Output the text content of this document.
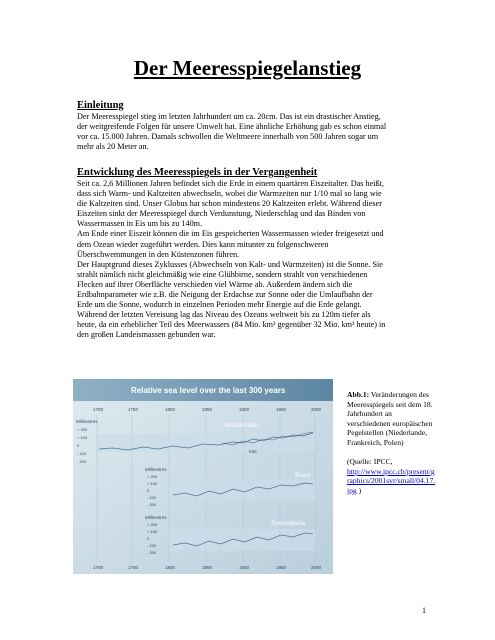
Der Meeresspiegelanstieg
Einleitung
Der Meeresspiegel stieg im letzten Jahrhundert um ca. 20cm. Das ist ein drastischer Anstieg,
der weitgreifende Folgen für unsere Umwelt hat. Eine ähnliche Erhöhung gab es schon einmal
vor ca. 15.000 Jahren. Damals schwollen die Weltmeere innerhalb von 500 Jahren sogar um
mehr als 20 Meter an.
Entwicklung des Meeresspiegels in der Vergangenheit
Seit ca. 2,6 Millionen Jahren befindet sich die Erde in einem quartären Eiszeitalter. Das heißt,
dass sich Warm- und Kaltzeiten abwechseln, wobei die Warmzeiten nur 1/10 mal so lang wie
die Kaltzeiten sind. Unser Globus hat schon mindestens 20 Kaltzeiten erlebt. Während dieser
Eiszeiten sinkt der Meeresspiegel durch Verdunstung, Niederschlag und das Binden von
Wassermassen in Eis um bis zu 140m.
Am Ende einer Eiszeit können die im Eis gespeicherten Wassermassen wieder freigesetzt und
dem Ozean wieder zugeführt werden. Dies kann mitunter zu folgenschweren
Überschwemmungen in den Küstenzonen führen.
Der Hauptgrund dieses Zyklusses (Abwechseln von Kalt- und Warmzeiten) ist die Sonne. Sie
strahlt nämlich nicht gleichmäßig wie eine Glühbirne, sondern strahlt von verschiedenen
Flecken auf ihrer Oberfläche verschieden viel Wärme ab. Außerdem ändern sich die
Erdbahnparameter wie z.B. die Neigung der Erdachse zur Sonne oder die Umlaufbahn der
Erde um die Sonne, wodurch in einzelnen Perioden mehr Energie auf die Erde gelangt.
Während der letzten Vereisung lag das Niveau des Ozeans weltweit bis zu 120m tiefer als
heute, da ein erheblicher Teil des Meerwassers (84 Mio. km³ gegenüber 32 Mio. km³ heute) in
den großen Landeismassen gebunden war.
Relative sea level over the last 300 years
1700	1750	1800	1850	1900	1950	2000
1700	1750	1800	1850	1900	1950	2000
Millimetres
+ 200
+ 100
0
- 100
- 200
Amsterdam
Kiel
Millimetres
+ 200
+ 100
0
- 100
- 200
Brest
Millimetres
+ 200
+ 100
0
- 100
- 200
Swinoujscie
Abb.1: Veränderungen des
Meeresspiegels seit dem 18.
Jahrhundert an
verschiedenen europäischen
Pegelstellen (Niederlande,
Frankreich, Polen)
(Quelle: IPCC,
http://www.ipcc.ch/present/g
raphics/2001syr/small/04.17.
jpg )
1
